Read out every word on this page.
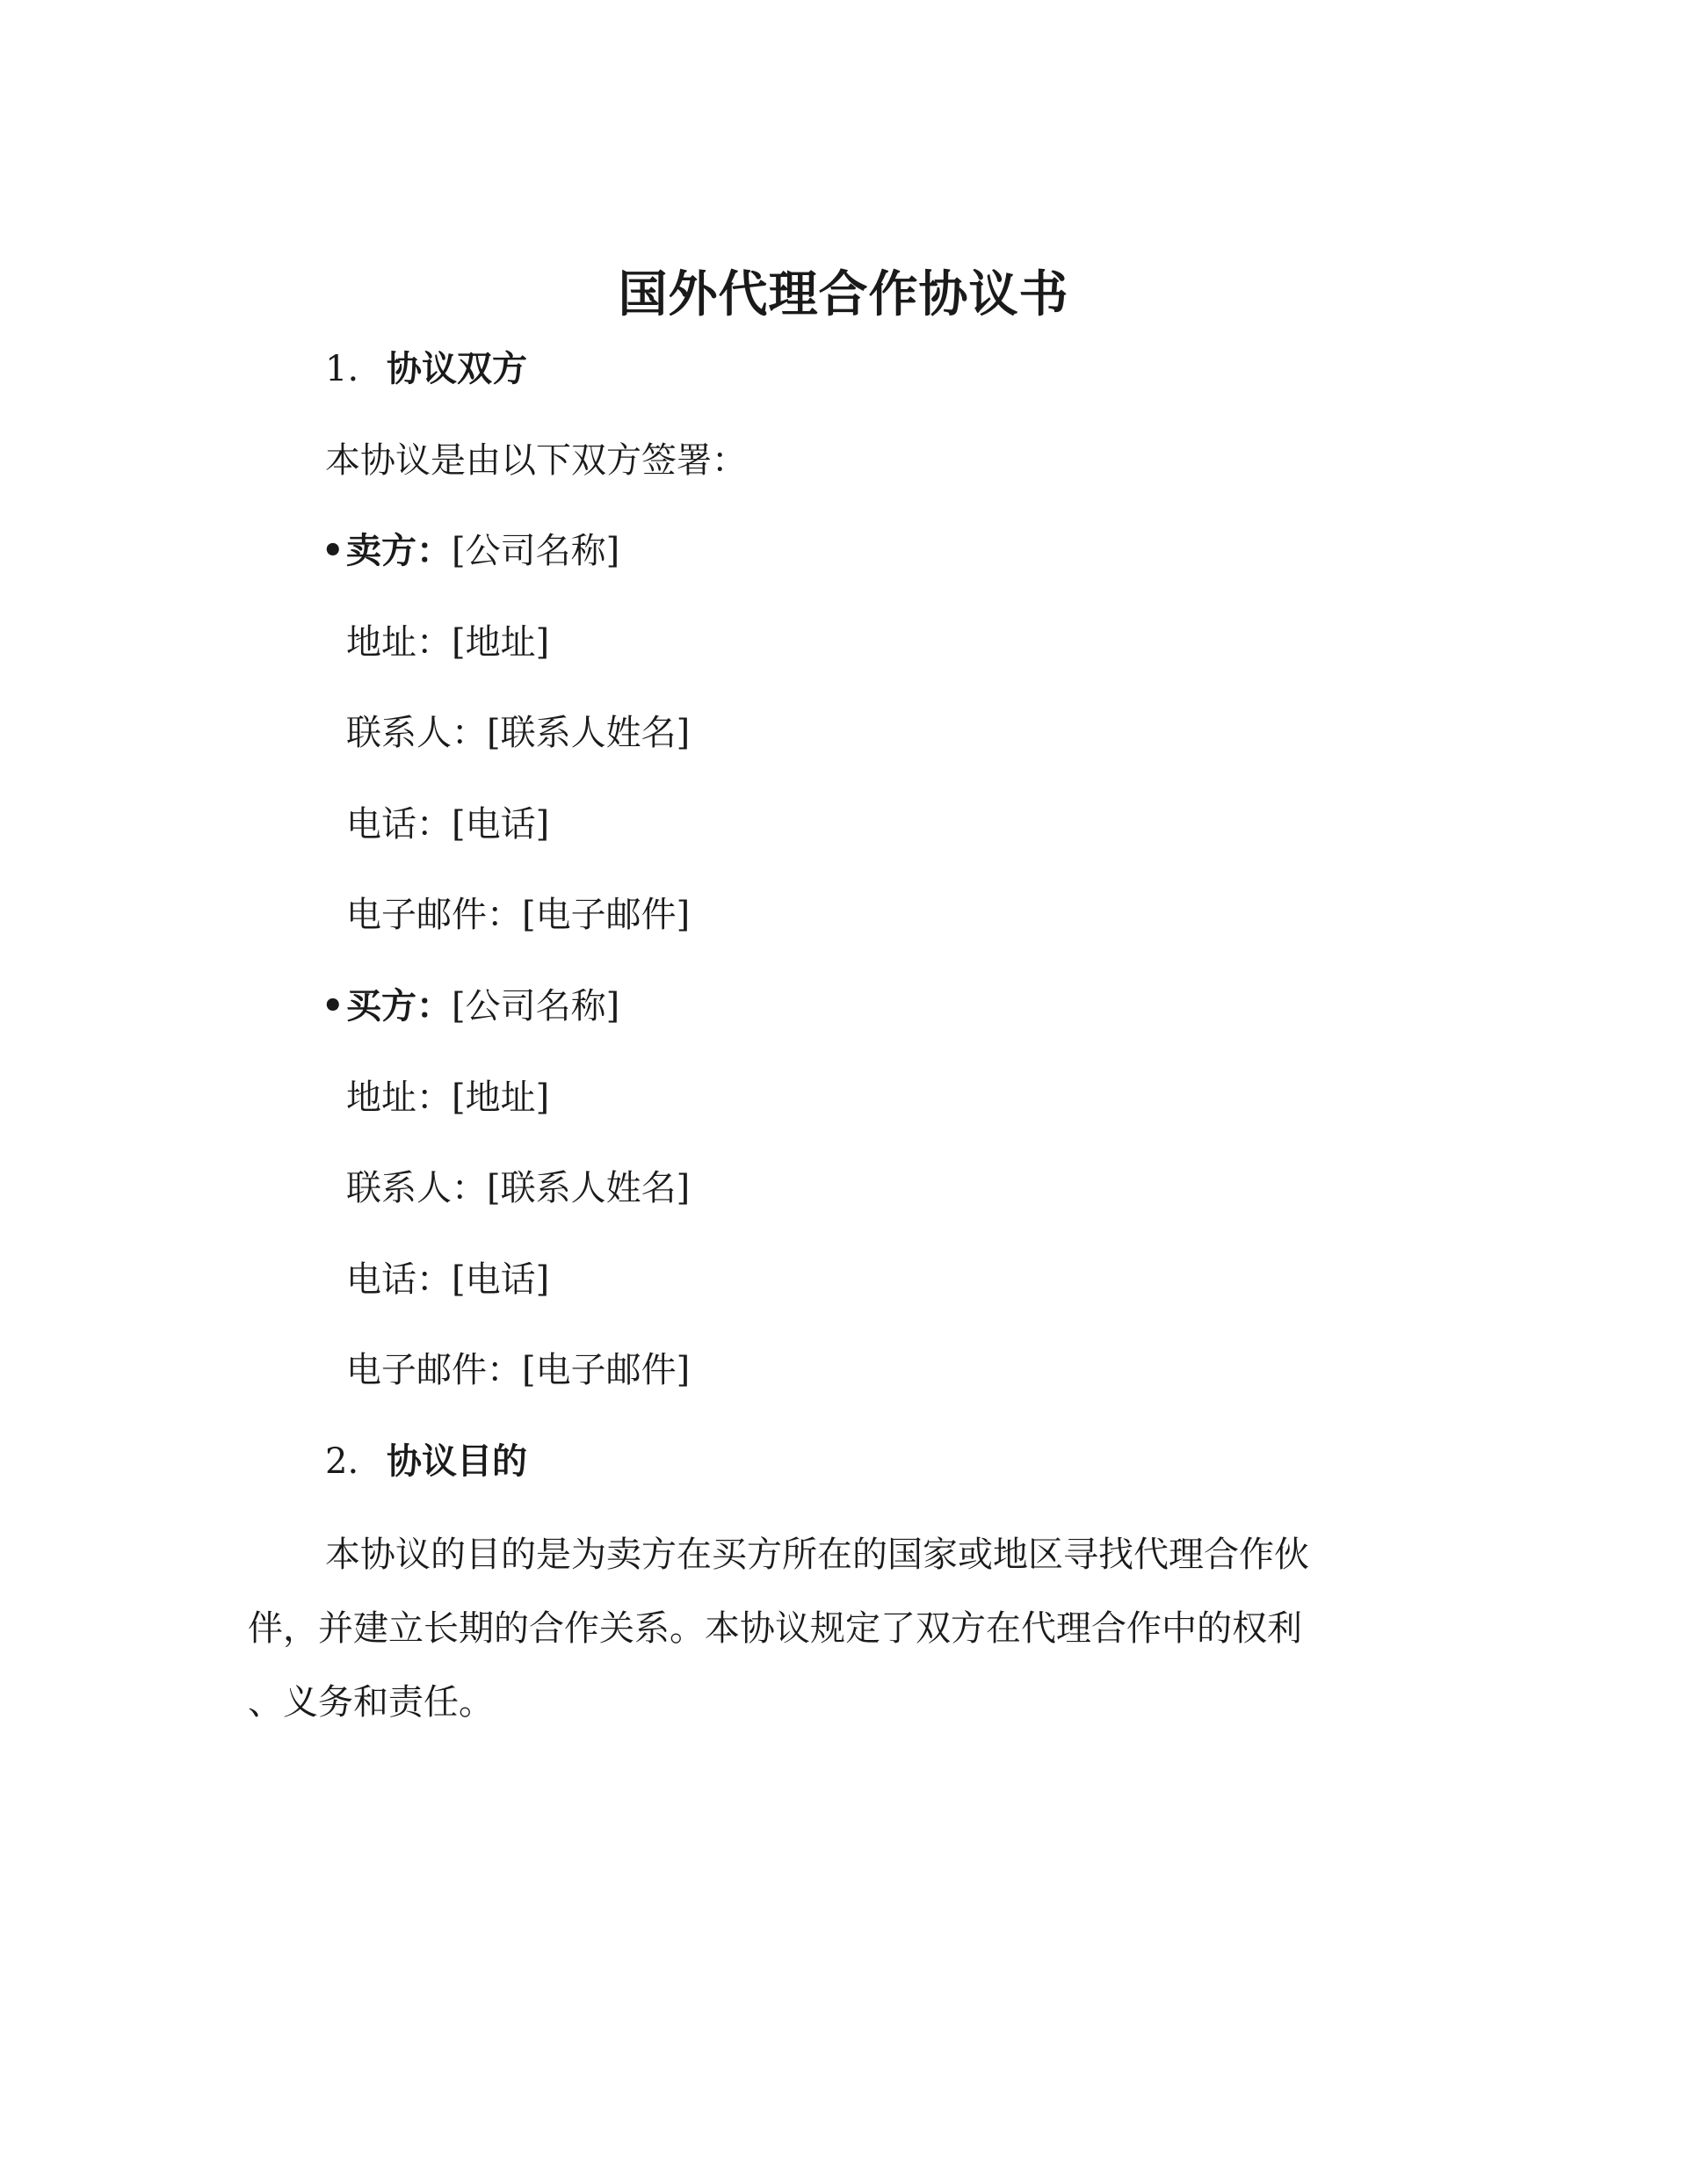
国外代理合作协议书
1. 协议双方

本协议是由以下双方签署：

•卖方：[公司名称]

地址：[地址]

联系人：[联系人姓名]

电话：[电话]

电子邮件：[电子邮件]

•买方：[公司名称]

地址：[地址]

联系人：[联系人姓名]

电话：[电话]

电子邮件：[电子邮件]

2. 协议目的
本协议的目的是为卖方在买方所在的国家或地区寻找代理合作伙
伴，并建立长期的合作关系。本协议规定了双方在代理合作中的权利
、义务和责任。
